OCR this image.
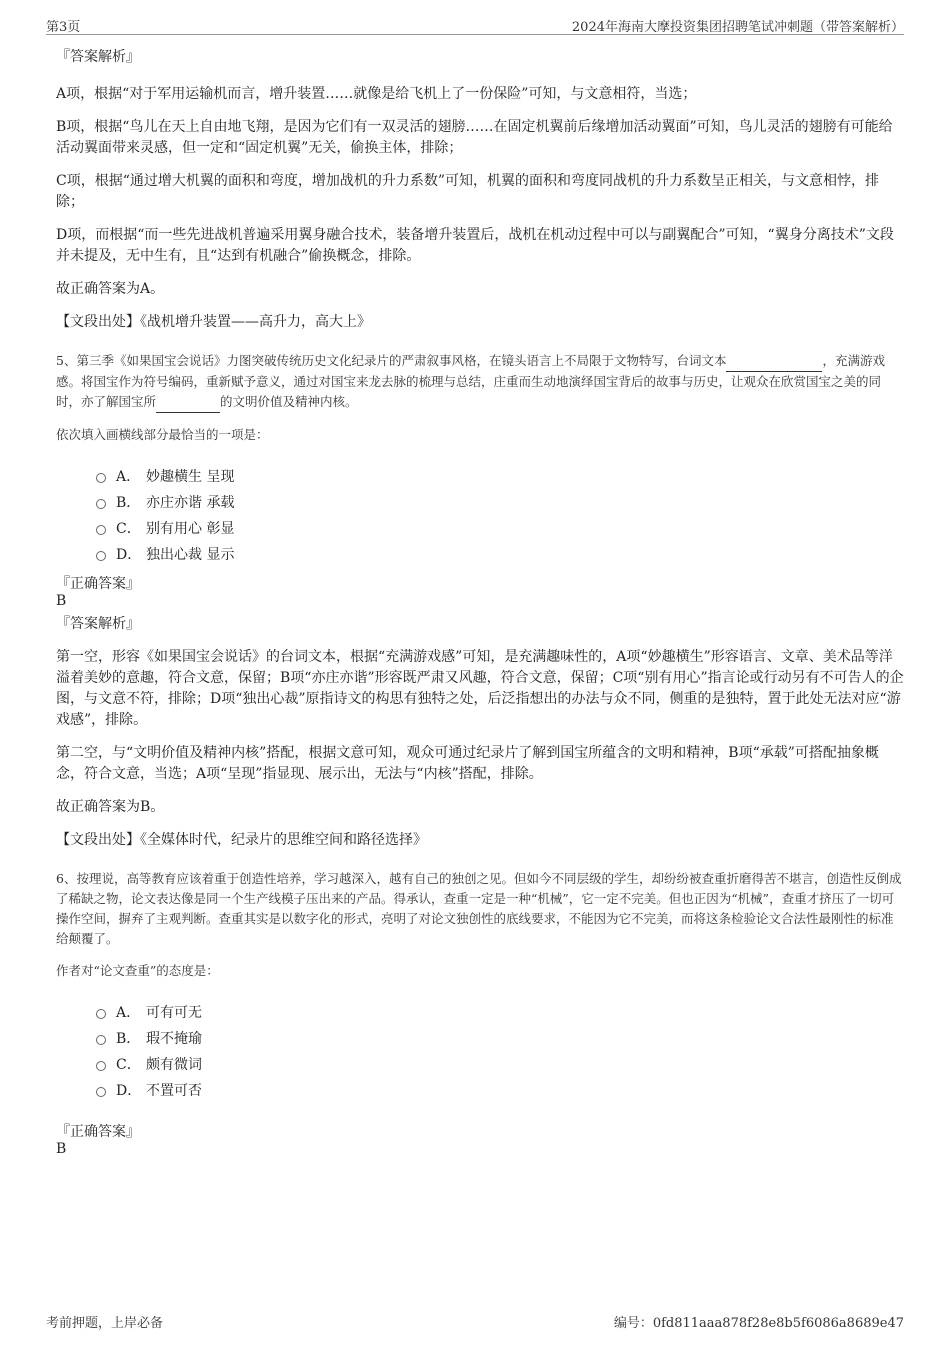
第3页	2024年海南大摩投资集团招聘笔试冲刺题（带答案解析）
『答案解析』

A项，根据“对于军用运输机而言，增升装置……就像是给飞机上了一份保险”可知，与文意相符，当选；

B项，根据“鸟儿在天上自由地飞翔，是因为它们有一双灵活的翅膀……在固定机翼前后缘增加活动翼面”可知，鸟儿灵活的翅膀有可能给活动翼面带来灵感，但一定和“固定机翼”无关，偷换主体，排除；

C项，根据“通过增大机翼的面积和弯度，增加战机的升力系数”可知，机翼的面积和弯度同战机的升力系数呈正相关，与文意相悖，排除；

D项，而根据“而一些先进战机普遍采用翼身融合技术，装备增升装置后，战机在机动过程中可以与副翼配合”可知，“翼身分离技术”文段并未提及，无中生有，且“达到有机融合”偷换概念，排除。

故正确答案为A。

【文段出处】《战机增升装置——高升力，高大上》

5、第三季《如果国宝会说话》力图突破传统历史文化纪录片的严肃叙事风格，在镜头语言上不局限于文物特写，台词文本	，充满游戏感。将国宝作为符号编码，重新赋予意义，通过对国宝来龙去脉的梳理与总结，庄重而生动地演绎国宝背后的故事与历史，让观众在欣赏国宝之美的同时，亦了解国宝所	的文明价值及精神内核。

依次填入画横线部分最恰当的一项是：
A． 妙趣横生 呈现
B． 亦庄亦谐 承载
C． 别有用心 彰显
D． 独出心裁 显示
『正确答案』
B
『答案解析』

第一空，形容《如果国宝会说话》的台词文本，根据“充满游戏感”可知，是充满趣味性的，A项“妙趣横生”形容语言、文章、美术品等洋溢着美妙的意趣，符合文意，保留；B项“亦庄亦谐”形容既严肃又风趣，符合文意，保留；C项“别有用心”指言论或行动另有不可告人的企图，与文意不符，排除；D项“独出心裁”原指诗文的构思有独特之处，后泛指想出的办法与众不同，侧重的是独特，置于此处无法对应“游戏感”，排除。

第二空，与“文明价值及精神内核”搭配，根据文意可知，观众可通过纪录片了解到国宝所蕴含的文明和精神，B项“承载”可搭配抽象概念，符合文意，当选；A项“呈现”指显现、展示出，无法与“内核”搭配，排除。

故正确答案为B。

【文段出处】《全媒体时代，纪录片的思维空间和路径选择》

6、按理说，高等教育应该着重于创造性培养，学习越深入，越有自己的独创之见。但如今不同层级的学生，却纷纷被查重折磨得苦不堪言，创造性反倒成了稀缺之物，论文表达像是同一个生产线模子压出来的产品。得承认，查重一定是一种“机械”，它一定不完美。但也正因为“机械”，查重才挤压了一切可操作空间，摒弃了主观判断。查重其实是以数字化的形式，亮明了对论文独创性的底线要求，不能因为它不完美，而将这条检验论文合法性最刚性的标准给颠覆了。

作者对“论文查重”的态度是：
A． 可有可无
B． 瑕不掩瑜
C． 颇有微词
D． 不置可否
『正确答案』
B
考前押题，上岸必备	编号：0fd811aaa878f28e8b5f6086a8689e47
